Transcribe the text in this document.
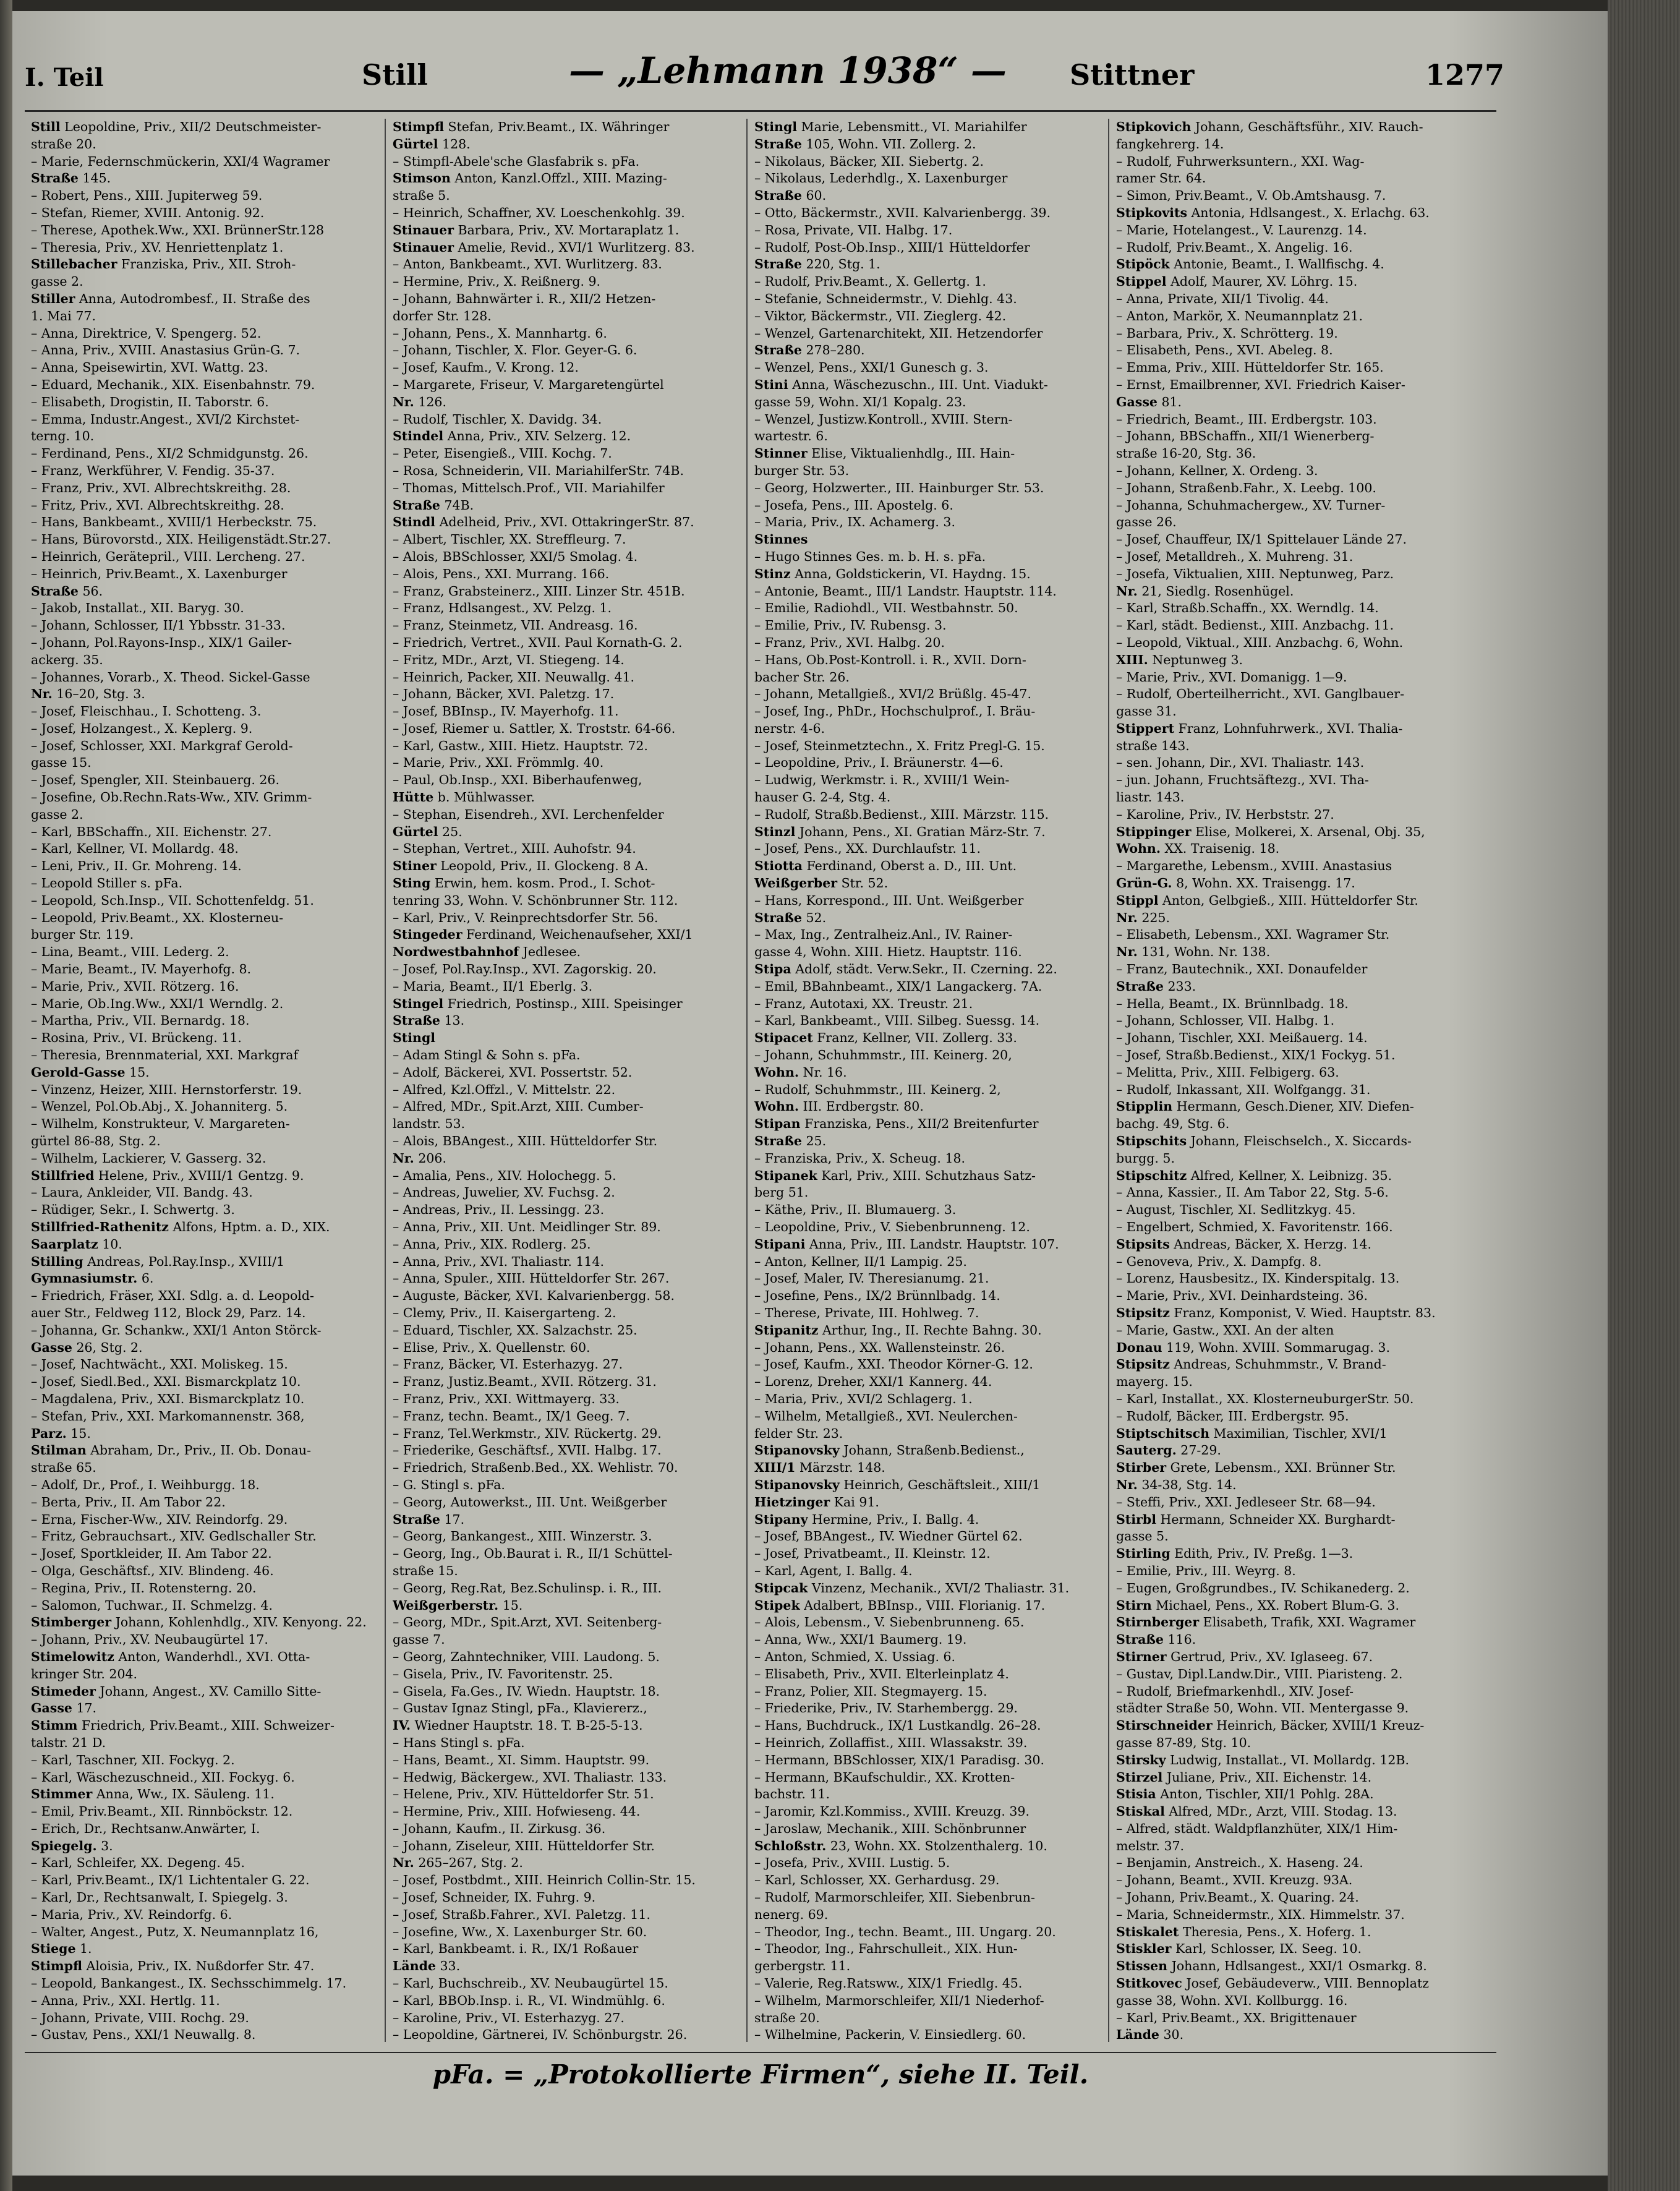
I. Teil	Still	— „Lehmann 1938“ — Stittner	1277
Still Leopoldine, Priv., XII/2 Deutschmeister-
straße 20.
– Marie, Federnschmückerin, XXI/4 Wagramer
Straße 145.
– Robert, Pens., XIII. Jupiterweg 59.
– Stefan, Riemer, XVIII. Antonig. 92.
– Therese, Apothek.Ww., XXI. BrünnerStr.128
– Theresia, Priv., XV. Henriettenplatz 1.
Stillebacher Franziska, Priv., XII. Stroh-
gasse 2.
Stiller Anna, Autodrombesf., II. Straße des
1. Mai 77.
– Anna, Direktrice, V. Spengerg. 52.
– Anna, Priv., XVIII. Anastasius Grün-G. 7.
– Anna, Speisewirtin, XVI. Wattg. 23.
– Eduard, Mechanik., XIX. Eisenbahnstr. 79.
– Elisabeth, Drogistin, II. Taborstr. 6.
– Emma, Industr.Angest., XVI/2 Kirchstet-
terng. 10.
– Ferdinand, Pens., XI/2 Schmidgunstg. 26.
– Franz, Werkführer, V. Fendig. 35-37.
– Franz, Priv., XVI. Albrechtskreithg. 28.
– Fritz, Priv., XVI. Albrechtskreithg. 28.
– Hans, Bankbeamt., XVIII/1 Herbeckstr. 75.
– Hans, Bürovorstd., XIX. Heiligenstädt.Str.27.
– Heinrich, Gerätepril., VIII. Lercheng. 27.
– Heinrich, Priv.Beamt., X. Laxenburger
Straße 56.
– Jakob, Installat., XII. Baryg. 30.
– Johann, Schlosser, II/1 Ybbsstr. 31-33.
– Johann, Pol.Rayons-Insp., XIX/1 Gailer-
ackerg. 35.
– Johannes, Vorarb., X. Theod. Sickel-Gasse
Nr. 16–20, Stg. 3.
– Josef, Fleischhau., I. Schotteng. 3.
– Josef, Holzangest., X. Keplerg. 9.
– Josef, Schlosser, XXI. Markgraf Gerold-
gasse 15.
– Josef, Spengler, XII. Steinbauerg. 26.
– Josefine, Ob.Rechn.Rats-Ww., XIV. Grimm-
gasse 2.
– Karl, BBSchaffn., XII. Eichenstr. 27.
– Karl, Kellner, VI. Mollardg. 48.
– Leni, Priv., II. Gr. Mohreng. 14.
– Leopold Stiller s. pFa.
– Leopold, Sch.Insp., VII. Schottenfeldg. 51.
– Leopold, Priv.Beamt., XX. Klosterneu-
burger Str. 119.
– Lina, Beamt., VIII. Lederg. 2.
– Marie, Beamt., IV. Mayerhofg. 8.
– Marie, Priv., XVII. Rötzerg. 16.
– Marie, Ob.Ing.Ww., XXI/1 Werndlg. 2.
– Martha, Priv., VII. Bernardg. 18.
– Rosina, Priv., VI. Brückeng. 11.
– Theresia, Brennmaterial, XXI. Markgraf
Gerold-Gasse 15.
– Vinzenz, Heizer, XIII. Hernstorferstr. 19.
– Wenzel, Pol.Ob.Abj., X. Johanniterg. 5.
– Wilhelm, Konstrukteur, V. Margareten-
gürtel 86-88, Stg. 2.
– Wilhelm, Lackierer, V. Gasserg. 32.
Stillfried Helene, Priv., XVIII/1 Gentzg. 9.
– Laura, Ankleider, VII. Bandg. 43.
– Rüdiger, Sekr., I. Schwertg. 3.
Stillfried-Rathenitz Alfons, Hptm. a. D., XIX.
Saarplatz 10.
Stilling Andreas, Pol.Ray.Insp., XVIII/1
Gymnasiumstr. 6.
– Friedrich, Fräser, XXI. Sdlg. a. d. Leopold-
auer Str., Feldweg 112, Block 29, Parz. 14.
– Johanna, Gr. Schankw., XXI/1 Anton Störck-
Gasse 26, Stg. 2.
– Josef, Nachtwächt., XXI. Moliskeg. 15.
– Josef, Siedl.Bed., XXI. Bismarckplatz 10.
– Magdalena, Priv., XXI. Bismarckplatz 10.
– Stefan, Priv., XXI. Markomannenstr. 368,
Parz. 15.
Stilman Abraham, Dr., Priv., II. Ob. Donau-
straße 65.
– Adolf, Dr., Prof., I. Weihburgg. 18.
– Berta, Priv., II. Am Tabor 22.
– Erna, Fischer-Ww., XIV. Reindorfg. 29.
– Fritz, Gebrauchsart., XIV. Gedlschaller Str.
– Josef, Sportkleider, II. Am Tabor 22.
– Olga, Geschäftsf., XIV. Blindeng. 46.
– Regina, Priv., II. Rotensterng. 20.
– Salomon, Tuchwar., II. Schmelzg. 4.
Stimberger Johann, Kohlenhdlg., XIV. Kenyong. 22.
– Johann, Priv., XV. Neubaugürtel 17.
Stimelowitz Anton, Wanderhdl., XVI. Otta-
kringer Str. 204.
Stimeder Johann, Angest., XV. Camillo Sitte-
Gasse 17.
Stimm Friedrich, Priv.Beamt., XIII. Schweizer-
talstr. 21 D.
– Karl, Taschner, XII. Fockyg. 2.
– Karl, Wäschezuschneid., XII. Fockyg. 6.
Stimmer Anna, Ww., IX. Säuleng. 11.
– Emil, Priv.Beamt., XII. Rinnböckstr. 12.
– Erich, Dr., Rechtsanw.Anwärter, I.
Spiegelg. 3.
– Karl, Schleifer, XX. Degeng. 45.
– Karl, Priv.Beamt., IX/1 Lichtentaler G. 22.
– Karl, Dr., Rechtsanwalt, I. Spiegelg. 3.
– Maria, Priv., XV. Reindorfg. 6.
– Walter, Angest., Putz, X. Neumannplatz 16,
Stiege 1.
Stimpfl Aloisia, Priv., IX. Nußdorfer Str. 47.
– Leopold, Bankangest., IX. Sechsschimmelg. 17.
– Anna, Priv., XXI. Hertlg. 11.
– Johann, Private, VIII. Rochg. 29.
– Gustav, Pens., XXI/1 Neuwallg. 8.
Stimpfl Stefan, Priv.Beamt., IX. Währinger
Gürtel 128.
– Stimpfl-Abele'sche Glasfabrik s. pFa.
Stimson Anton, Kanzl.Offzl., XIII. Mazing-
straße 5.
– Heinrich, Schaffner, XV. Loeschenkohlg. 39.
Stinauer Barbara, Priv., XV. Mortaraplatz 1.
Stinauer Amelie, Revid., XVI/1 Wurlitzerg. 83.
– Anton, Bankbeamt., XVI. Wurlitzerg. 83.
– Hermine, Priv., X. Reißnerg. 9.
– Johann, Bahnwärter i. R., XII/2 Hetzen-
dorfer Str. 128.
– Johann, Pens., X. Mannhartg. 6.
– Johann, Tischler, X. Flor. Geyer-G. 6.
– Josef, Kaufm., V. Krong. 12.
– Margarete, Friseur, V. Margaretengürtel
Nr. 126.
– Rudolf, Tischler, X. Davidg. 34.
Stindel Anna, Priv., XIV. Selzerg. 12.
– Peter, Eisengieß., VIII. Kochg. 7.
– Rosa, Schneiderin, VII. MariahilferStr. 74B.
– Thomas, Mittelsch.Prof., VII. Mariahilfer
Straße 74B.
Stindl Adelheid, Priv., XVI. OttakringerStr. 87.
– Albert, Tischler, XX. Streffleurg. 7.
– Alois, BBSchlosser, XXI/5 Smolag. 4.
– Alois, Pens., XXI. Murrang. 166.
– Franz, Grabsteinerz., XIII. Linzer Str. 451B.
– Franz, Hdlsangest., XV. Pelzg. 1.
– Franz, Steinmetz, VII. Andreasg. 16.
– Friedrich, Vertret., XVII. Paul Kornath-G. 2.
– Fritz, MDr., Arzt, VI. Stiegeng. 14.
– Heinrich, Packer, XII. Neuwallg. 41.
– Johann, Bäcker, XVI. Paletzg. 17.
– Josef, BBInsp., IV. Mayerhofg. 11.
– Josef, Riemer u. Sattler, X. Troststr. 64-66.
– Karl, Gastw., XIII. Hietz. Hauptstr. 72.
– Marie, Priv., XXI. Frömmlg. 40.
– Paul, Ob.Insp., XXI. Biberhaufenweg,
Hütte b. Mühlwasser.
– Stephan, Eisendreh., XVI. Lerchenfelder
Gürtel 25.
– Stephan, Vertret., XIII. Auhofstr. 94.
Stiner Leopold, Priv., II. Glockeng. 8 A.
Sting Erwin, hem. kosm. Prod., I. Schot-
tenring 33, Wohn. V. Schönbrunner Str. 112.
– Karl, Priv., V. Reinprechtsdorfer Str. 56.
Stingeder Ferdinand, Weichenaufseher, XXI/1
Nordwestbahnhof Jedlesee.
– Josef, Pol.Ray.Insp., XVI. Zagorskig. 20.
– Maria, Beamt., II/1 Eberlg. 3.
Stingel Friedrich, Postinsp., XIII. Speisinger
Straße 13.
Stingl
– Adam Stingl & Sohn s. pFa.
– Adolf, Bäckerei, XVI. Possertstr. 52.
– Alfred, Kzl.Offzl., V. Mittelstr. 22.
– Alfred, MDr., Spit.Arzt, XIII. Cumber-
landstr. 53.
– Alois, BBAngest., XIII. Hütteldorfer Str.
Nr. 206.
– Amalia, Pens., XIV. Holochegg. 5.
– Andreas, Juwelier, XV. Fuchsg. 2.
– Andreas, Priv., II. Lessingg. 23.
– Anna, Priv., XII. Unt. Meidlinger Str. 89.
– Anna, Priv., XIX. Rodlerg. 25.
– Anna, Priv., XVI. Thaliastr. 114.
– Anna, Spuler., XIII. Hütteldorfer Str. 267.
– Auguste, Bäcker, XVI. Kalvarienbergg. 58.
– Clemy, Priv., II. Kaisergarteng. 2.
– Eduard, Tischler, XX. Salzachstr. 25.
– Elise, Priv., X. Quellenstr. 60.
– Franz, Bäcker, VI. Esterhazyg. 27.
– Franz, Justiz.Beamt., XVII. Rötzerg. 31.
– Franz, Priv., XXI. Wittmayerg. 33.
– Franz, techn. Beamt., IX/1 Geeg. 7.
– Franz, Tel.Werkmstr., XIV. Rückertg. 29.
– Friederike, Geschäftsf., XVII. Halbg. 17.
– Friedrich, Straßenb.Bed., XX. Wehlistr. 70.
– G. Stingl s. pFa.
– Georg, Autowerkst., III. Unt. Weißgerber
Straße 17.
– Georg, Bankangest., XIII. Winzerstr. 3.
– Georg, Ing., Ob.Baurat i. R., II/1 Schüttel-
straße 15.
– Georg, Reg.Rat, Bez.Schulinsp. i. R., III.
Weißgerberstr. 15.
– Georg, MDr., Spit.Arzt, XVI. Seitenberg-
gasse 7.
– Georg, Zahntechniker, VIII. Laudong. 5.
– Gisela, Priv., IV. Favoritenstr. 25.
– Gisela, Fa.Ges., IV. Wiedn. Hauptstr. 18.
– Gustav Ignaz Stingl, pFa., Klaviererz.,
IV. Wiedner Hauptstr. 18. T. B-25-5-13.
– Hans Stingl s. pFa.
– Hans, Beamt., XI. Simm. Hauptstr. 99.
– Hedwig, Bäckergew., XVI. Thaliastr. 133.
– Helene, Priv., XIV. Hütteldorfer Str. 51.
– Hermine, Priv., XIII. Hofwieseng. 44.
– Johann, Kaufm., II. Zirkusg. 36.
– Johann, Ziseleur, XIII. Hütteldorfer Str.
Nr. 265–267, Stg. 2.
– Josef, Postbdmt., XIII. Heinrich Collin-Str. 15.
– Josef, Schneider, IX. Fuhrg. 9.
– Josef, Straßb.Fahrer., XVI. Paletzg. 11.
– Josefine, Ww., X. Laxenburger Str. 60.
– Karl, Bankbeamt. i. R., IX/1 Roßauer
Lände 33.
– Karl, Buchschreib., XV. Neubaugürtel 15.
– Karl, BBOb.Insp. i. R., VI. Windmühlg. 6.
– Karoline, Priv., VI. Esterhazyg. 27.
– Leopoldine, Gärtnerei, IV. Schönburgstr. 26.
Stingl Marie, Lebensmitt., VI. Mariahilfer
Straße 105, Wohn. VII. Zollerg. 2.
– Nikolaus, Bäcker, XII. Siebertg. 2.
– Nikolaus, Lederhdlg., X. Laxenburger
Straße 60.
– Otto, Bäckermstr., XVII. Kalvarienbergg. 39.
– Rosa, Private, VII. Halbg. 17.
– Rudolf, Post-Ob.Insp., XIII/1 Hütteldorfer
Straße 220, Stg. 1.
– Rudolf, Priv.Beamt., X. Gellertg. 1.
– Stefanie, Schneidermstr., V. Diehlg. 43.
– Viktor, Bäckermstr., VII. Zieglerg. 42.
– Wenzel, Gartenarchitekt, XII. Hetzendorfer
Straße 278–280.
– Wenzel, Pens., XXI/1 Gunesch g. 3.
Stini Anna, Wäschezuschn., III. Unt. Viadukt-
gasse 59, Wohn. XI/1 Kopalg. 23.
– Wenzel, Justizw.Kontroll., XVIII. Stern-
wartestr. 6.
Stinner Elise, Viktualienhdlg., III. Hain-
burger Str. 53.
– Georg, Holzwerter., III. Hainburger Str. 53.
– Josefa, Pens., III. Apostelg. 6.
– Maria, Priv., IX. Achamerg. 3.
Stinnes
– Hugo Stinnes Ges. m. b. H. s. pFa.
Stinz Anna, Goldstickerin, VI. Haydng. 15.
– Antonie, Beamt., III/1 Landstr. Hauptstr. 114.
– Emilie, Radiohdl., VII. Westbahnstr. 50.
– Emilie, Priv., IV. Rubensg. 3.
– Franz, Priv., XVI. Halbg. 20.
– Hans, Ob.Post-Kontroll. i. R., XVII. Dorn-
bacher Str. 26.
– Johann, Metallgieß., XVI/2 Brüßlg. 45-47.
– Josef, Ing., PhDr., Hochschulprof., I. Bräu-
nerstr. 4-6.
– Josef, Steinmetztechn., X. Fritz Pregl-G. 15.
– Leopoldine, Priv., I. Bräunerstr. 4—6.
– Ludwig, Werkmstr. i. R., XVIII/1 Wein-
hauser G. 2-4, Stg. 4.
– Rudolf, Straßb.Bedienst., XIII. Märzstr. 115.
Stinzl Johann, Pens., XI. Gratian März-Str. 7.
– Josef, Pens., XX. Durchlaufstr. 11.
Stiotta Ferdinand, Oberst a. D., III. Unt.
Weißgerber Str. 52.
– Hans, Korrespond., III. Unt. Weißgerber
Straße 52.
– Max, Ing., Zentralheiz.Anl., IV. Rainer-
gasse 4, Wohn. XIII. Hietz. Hauptstr. 116.
Stipa Adolf, städt. Verw.Sekr., II. Czerning. 22.
– Emil, BBahnbeamt., XIX/1 Langackerg. 7A.
– Franz, Autotaxi, XX. Treustr. 21.
– Karl, Bankbeamt., VIII. Silbeg. Suessg. 14.
Stipacet Franz, Kellner, VII. Zollerg. 33.
– Johann, Schuhmmstr., III. Keinerg. 20,
Wohn. Nr. 16.
– Rudolf, Schuhmmstr., III. Keinerg. 2,
Wohn. III. Erdbergstr. 80.
Stipan Franziska, Pens., XII/2 Breitenfurter
Straße 25.
– Franziska, Priv., X. Scheug. 18.
Stipanek Karl, Priv., XIII. Schutzhaus Satz-
berg 51.
– Käthe, Priv., II. Blumauerg. 3.
– Leopoldine, Priv., V. Siebenbrunneng. 12.
Stipani Anna, Priv., III. Landstr. Hauptstr. 107.
– Anton, Kellner, II/1 Lampig. 25.
– Josef, Maler, IV. Theresianumg. 21.
– Josefine, Pens., IX/2 Brünnlbadg. 14.
– Therese, Private, III. Hohlweg. 7.
Stipanitz Arthur, Ing., II. Rechte Bahng. 30.
– Johann, Pens., XX. Wallensteinstr. 26.
– Josef, Kaufm., XXI. Theodor Körner-G. 12.
– Lorenz, Dreher, XXI/1 Kannerg. 44.
– Maria, Priv., XVI/2 Schlagerg. 1.
– Wilhelm, Metallgieß., XVI. Neulerchen-
felder Str. 23.
Stipanovsky Johann, Straßenb.Bedienst.,
XIII/1 Märzstr. 148.
Stipanovsky Heinrich, Geschäftsleit., XIII/1
Hietzinger Kai 91.
Stipany Hermine, Priv., I. Ballg. 4.
– Josef, BBAngest., IV. Wiedner Gürtel 62.
– Josef, Privatbeamt., II. Kleinstr. 12.
– Karl, Agent, I. Ballg. 4.
Stipcak Vinzenz, Mechanik., XVI/2 Thaliastr. 31.
Stipek Adalbert, BBInsp., VIII. Florianig. 17.
– Alois, Lebensm., V. Siebenbrunneng. 65.
– Anna, Ww., XXI/1 Baumerg. 19.
– Anton, Schmied, X. Ussiag. 6.
– Elisabeth, Priv., XVII. Elterleinplatz 4.
– Franz, Polier, XII. Stegmayerg. 15.
– Friederike, Priv., IV. Starhembergg. 29.
– Hans, Buchdruck., IX/1 Lustkandlg. 26–28.
– Heinrich, Zollaffist., XIII. Wlassakstr. 39.
– Hermann, BBSchlosser, XIX/1 Paradisg. 30.
– Hermann, BKaufschuldir., XX. Krotten-
bachstr. 11.
– Jaromir, Kzl.Kommiss., XVIII. Kreuzg. 39.
– Jaroslaw, Mechanik., XIII. Schönbrunner
Schloßstr. 23, Wohn. XX. Stolzenthalerg. 10.
– Josefa, Priv., XVIII. Lustig. 5.
– Karl, Schlosser, XX. Gerhardusg. 29.
– Rudolf, Marmorschleifer, XII. Siebenbrun-
nenerg. 69.
– Theodor, Ing., techn. Beamt., III. Ungarg. 20.
– Theodor, Ing., Fahrschulleit., XIX. Hun-
gerbergstr. 11.
– Valerie, Reg.Ratsww., XIX/1 Friedlg. 45.
– Wilhelm, Marmorschleifer, XII/1 Niederhof-
straße 20.
– Wilhelmine, Packerin, V. Einsiedlerg. 60.
Stipkovich Johann, Geschäftsführ., XIV. Rauch-
fangkehrerg. 14.
– Rudolf, Fuhrwerksuntern., XXI. Wag-
ramer Str. 64.
– Simon, Priv.Beamt., V. Ob.Amtshausg. 7.
Stipkovits Antonia, Hdlsangest., X. Erlachg. 63.
– Marie, Hotelangest., V. Laurenzg. 14.
– Rudolf, Priv.Beamt., X. Angelig. 16.
Stipöck Antonie, Beamt., I. Wallfischg. 4.
Stippel Adolf, Maurer, XV. Löhrg. 15.
– Anna, Private, XII/1 Tivolig. 44.
– Anton, Markör, X. Neumannplatz 21.
– Barbara, Priv., X. Schrötterg. 19.
– Elisabeth, Pens., XVI. Abeleg. 8.
– Emma, Priv., XIII. Hütteldorfer Str. 165.
– Ernst, Emailbrenner, XVI. Friedrich Kaiser-
Gasse 81.
– Friedrich, Beamt., III. Erdbergstr. 103.
– Johann, BBSchaffn., XII/1 Wienerberg-
straße 16-20, Stg. 36.
– Johann, Kellner, X. Ordeng. 3.
– Johann, Straßenb.Fahr., X. Leebg. 100.
– Johanna, Schuhmachergew., XV. Turner-
gasse 26.
– Josef, Chauffeur, IX/1 Spittelauer Lände 27.
– Josef, Metalldreh., X. Muhreng. 31.
– Josefa, Viktualien, XIII. Neptunweg, Parz.
Nr. 21, Siedlg. Rosenhügel.
– Karl, Straßb.Schaffn., XX. Werndlg. 14.
– Karl, städt. Bedienst., XIII. Anzbachg. 11.
– Leopold, Viktual., XIII. Anzbachg. 6, Wohn.
XIII. Neptunweg 3.
– Marie, Priv., XVI. Domanigg. 1—9.
– Rudolf, Oberteilherricht., XVI. Ganglbauer-
gasse 31.
Stippert Franz, Lohnfuhrwerk., XVI. Thalia-
straße 143.
– sen. Johann, Dir., XVI. Thaliastr. 143.
– jun. Johann, Fruchtsäftezg., XVI. Tha-
liastr. 143.
– Karoline, Priv., IV. Herbststr. 27.
Stippinger Elise, Molkerei, X. Arsenal, Obj. 35,
Wohn. XX. Traisenig. 18.
– Margarethe, Lebensm., XVIII. Anastasius
Grün-G. 8, Wohn. XX. Traisengg. 17.
Stippl Anton, Gelbgieß., XIII. Hütteldorfer Str.
Nr. 225.
– Elisabeth, Lebensm., XXI. Wagramer Str.
Nr. 131, Wohn. Nr. 138.
– Franz, Bautechnik., XXI. Donaufelder
Straße 233.
– Hella, Beamt., IX. Brünnlbadg. 18.
– Johann, Schlosser, VII. Halbg. 1.
– Johann, Tischler, XXI. Meißauerg. 14.
– Josef, Straßb.Bedienst., XIX/1 Fockyg. 51.
– Melitta, Priv., XIII. Felbigerg. 63.
– Rudolf, Inkassant, XII. Wolfgangg. 31.
Stipplin Hermann, Gesch.Diener, XIV. Diefen-
bachg. 49, Stg. 6.
Stipschits Johann, Fleischselch., X. Siccards-
burgg. 5.
Stipschitz Alfred, Kellner, X. Leibnizg. 35.
– Anna, Kassier., II. Am Tabor 22, Stg. 5-6.
– August, Tischler, XI. Sedlitzkyg. 45.
– Engelbert, Schmied, X. Favoritenstr. 166.
Stipsits Andreas, Bäcker, X. Herzg. 14.
– Genoveva, Priv., X. Dampfg. 8.
– Lorenz, Hausbesitz., IX. Kinderspitalg. 13.
– Marie, Priv., XVI. Deinhardsteing. 36.
Stipsitz Franz, Komponist, V. Wied. Hauptstr. 83.
– Marie, Gastw., XXI. An der alten
Donau 119, Wohn. XVIII. Sommarugag. 3.
Stipsitz Andreas, Schuhmmstr., V. Brand-
mayerg. 15.
– Karl, Installat., XX. KlosterneuburgerStr. 50.
– Rudolf, Bäcker, III. Erdbergstr. 95.
Stiptschitsch Maximilian, Tischler, XVI/1
Sauterg. 27-29.
Stirber Grete, Lebensm., XXI. Brünner Str.
Nr. 34-38, Stg. 14.
– Steffi, Priv., XXI. Jedleseer Str. 68—94.
Stirbl Hermann, Schneider XX. Burghardt-
gasse 5.
Stirling Edith, Priv., IV. Preßg. 1—3.
– Emilie, Priv., III. Weyrg. 8.
– Eugen, Großgrundbes., IV. Schikanederg. 2.
Stirn Michael, Pens., XX. Robert Blum-G. 3.
Stirnberger Elisabeth, Trafik, XXI. Wagramer
Straße 116.
Stirner Gertrud, Priv., XV. Iglaseeg. 67.
– Gustav, Dipl.Landw.Dir., VIII. Piaristeng. 2.
– Rudolf, Briefmarkenhdl., XIV. Josef-
städter Straße 50, Wohn. VII. Mentergasse 9.
Stirschneider Heinrich, Bäcker, XVIII/1 Kreuz-
gasse 87-89, Stg. 10.
Stirsky Ludwig, Installat., VI. Mollardg. 12B.
Stirzel Juliane, Priv., XII. Eichenstr. 14.
Stisia Anton, Tischler, XII/1 Pohlg. 28A.
Stiskal Alfred, MDr., Arzt, VIII. Stodag. 13.
– Alfred, städt. Waldpflanzhüter, XIX/1 Him-
melstr. 37.
– Benjamin, Anstreich., X. Haseng. 24.
– Johann, Beamt., XVII. Kreuzg. 93A.
– Johann, Priv.Beamt., X. Quaring. 24.
– Maria, Schneidermstr., XIX. Himmelstr. 37.
Stiskalet Theresia, Pens., X. Hoferg. 1.
Stiskler Karl, Schlosser, IX. Seeg. 10.
Stissen Johann, Hdlsangest., XXI/1 Osmarkg. 8.
Stitkovec Josef, Gebäudeverw., VIII. Bennoplatz
gasse 38, Wohn. XVI. Kollburgg. 16.
– Karl, Priv.Beamt., XX. Brigittenauer
Lände 30.
pFa. = „Protokollierte Firmen“, siehe II. Teil.
